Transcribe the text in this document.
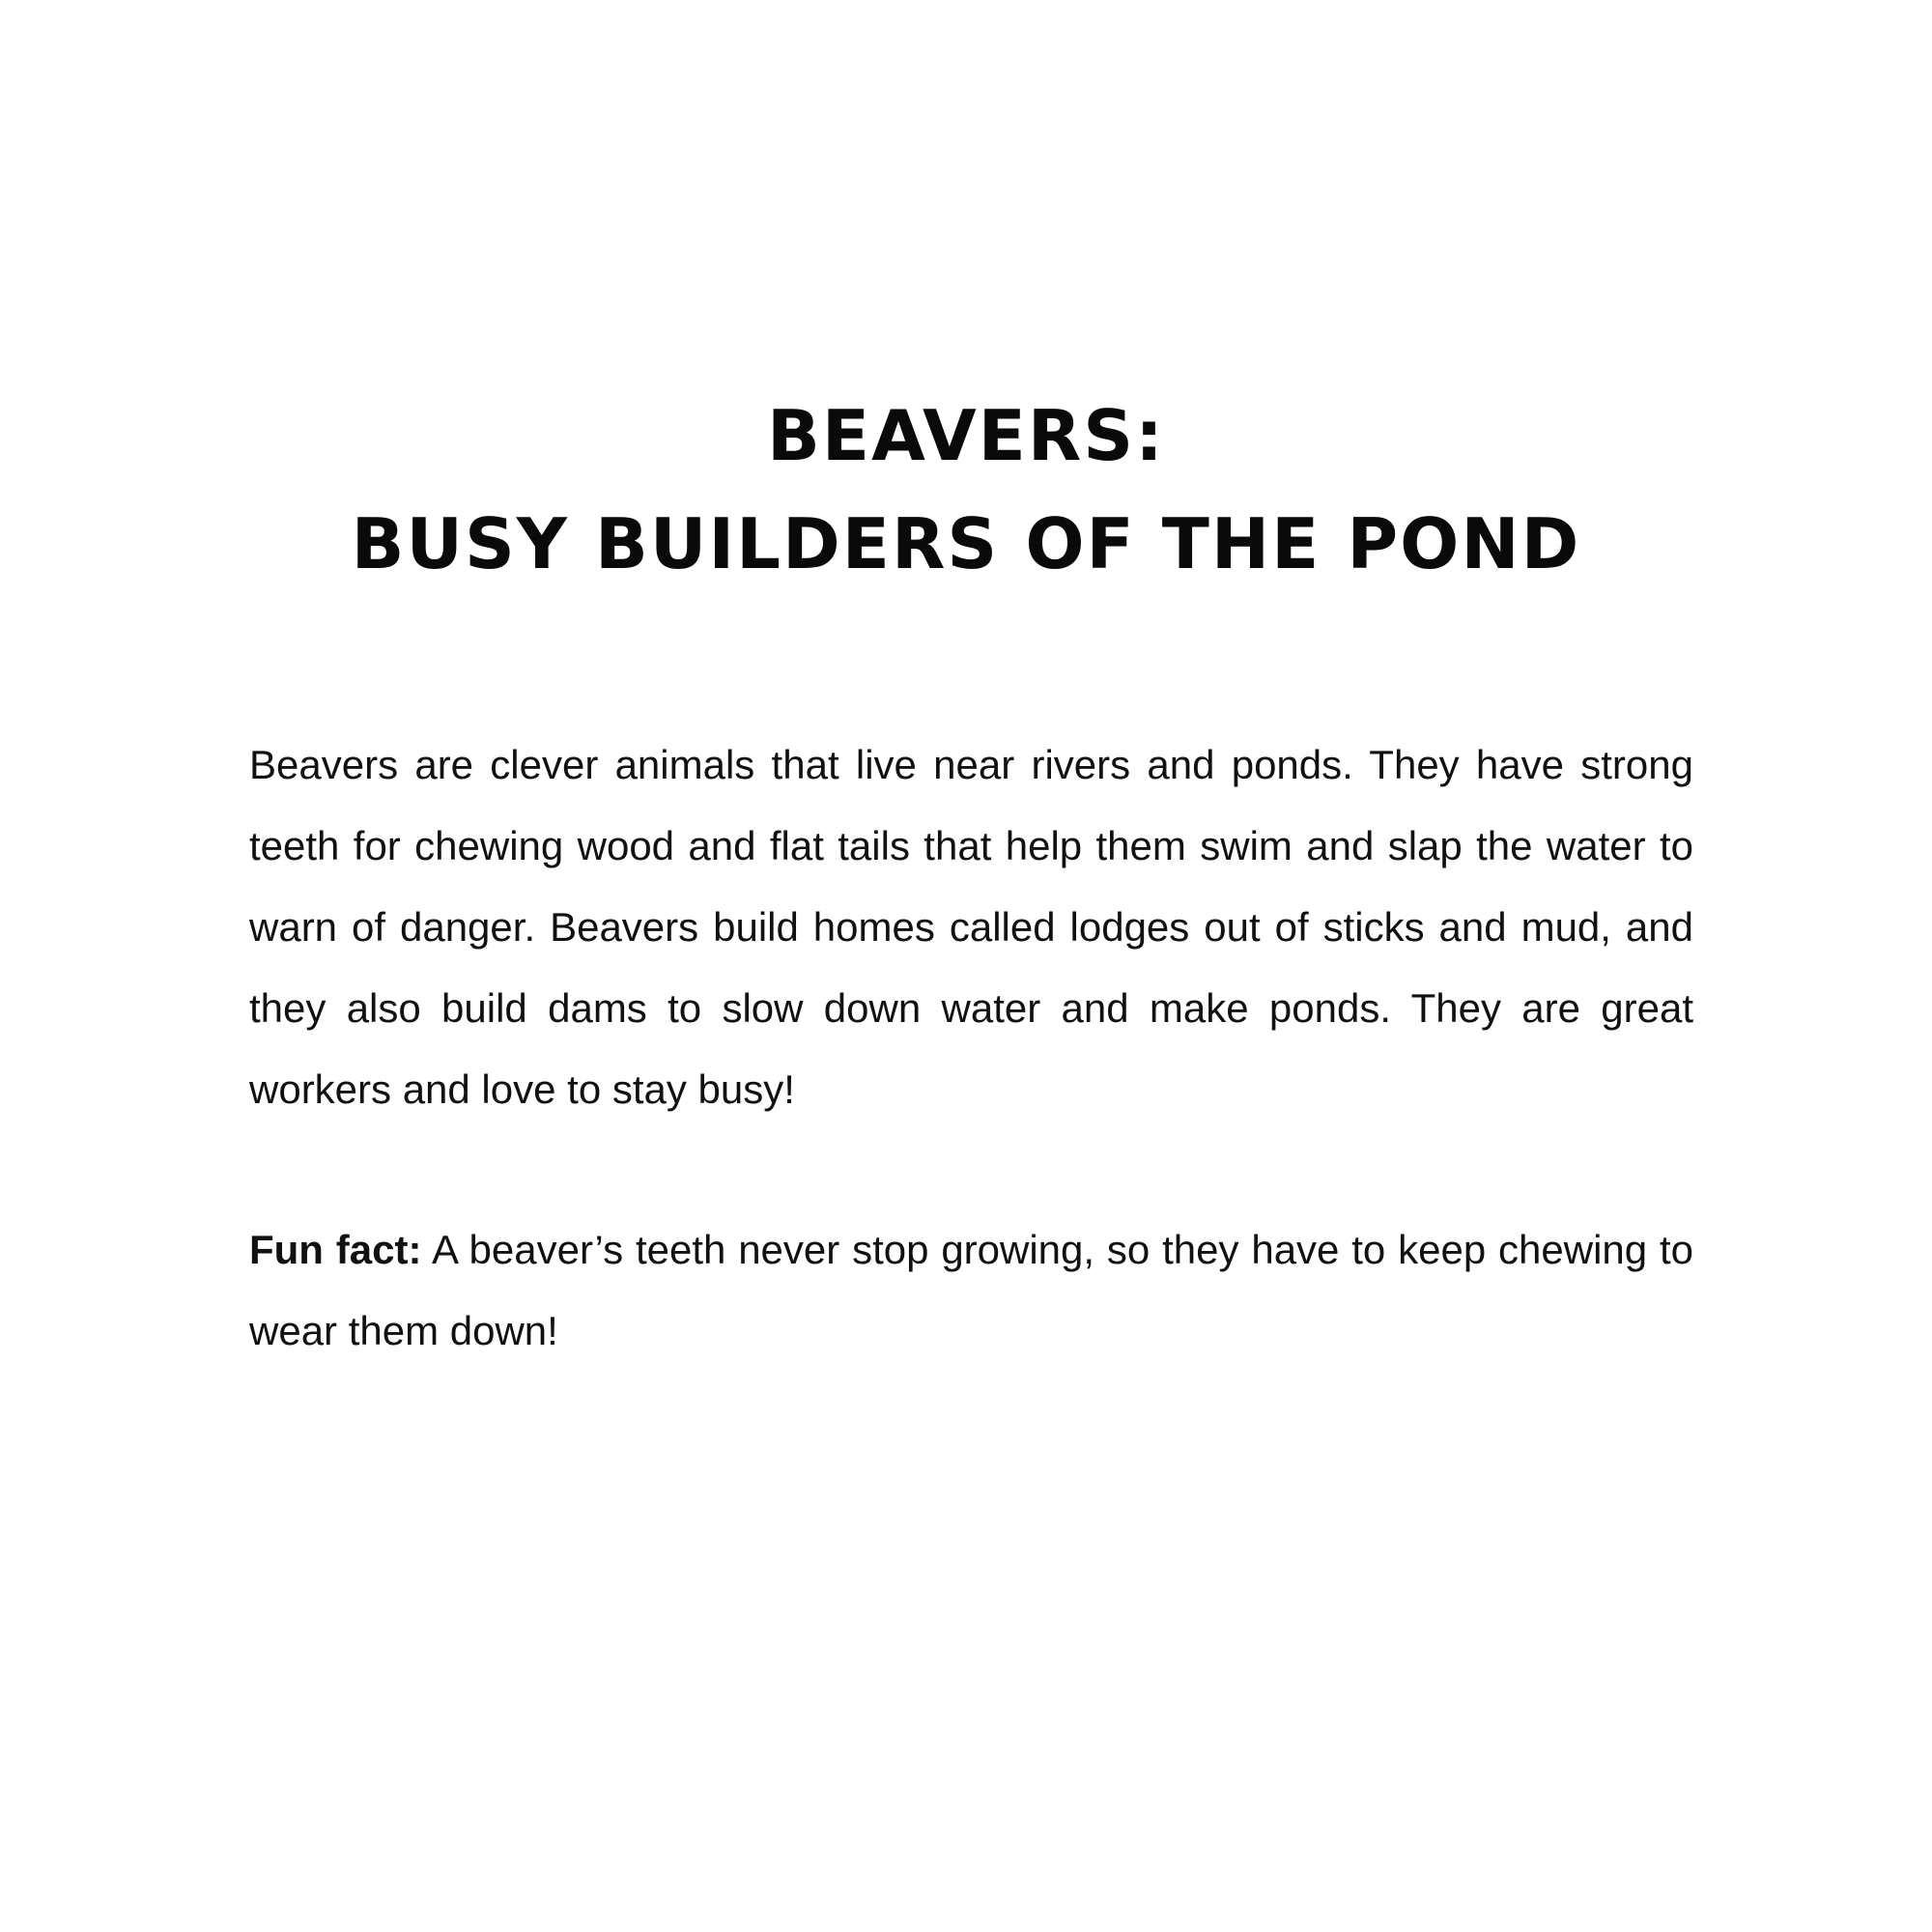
BEAVERS:
BUSY BUILDERS OF THE POND

Beavers are clever animals that live near rivers and ponds. They have strong teeth for chewing wood and flat tails that help them swim and slap the water to warn of danger. Beavers build homes called lodges out of sticks and mud, and they also build dams to slow down water and make ponds. They are great workers and love to stay busy!

Fun fact: A beaver’s teeth never stop growing, so they have to keep chewing to wear them down!
